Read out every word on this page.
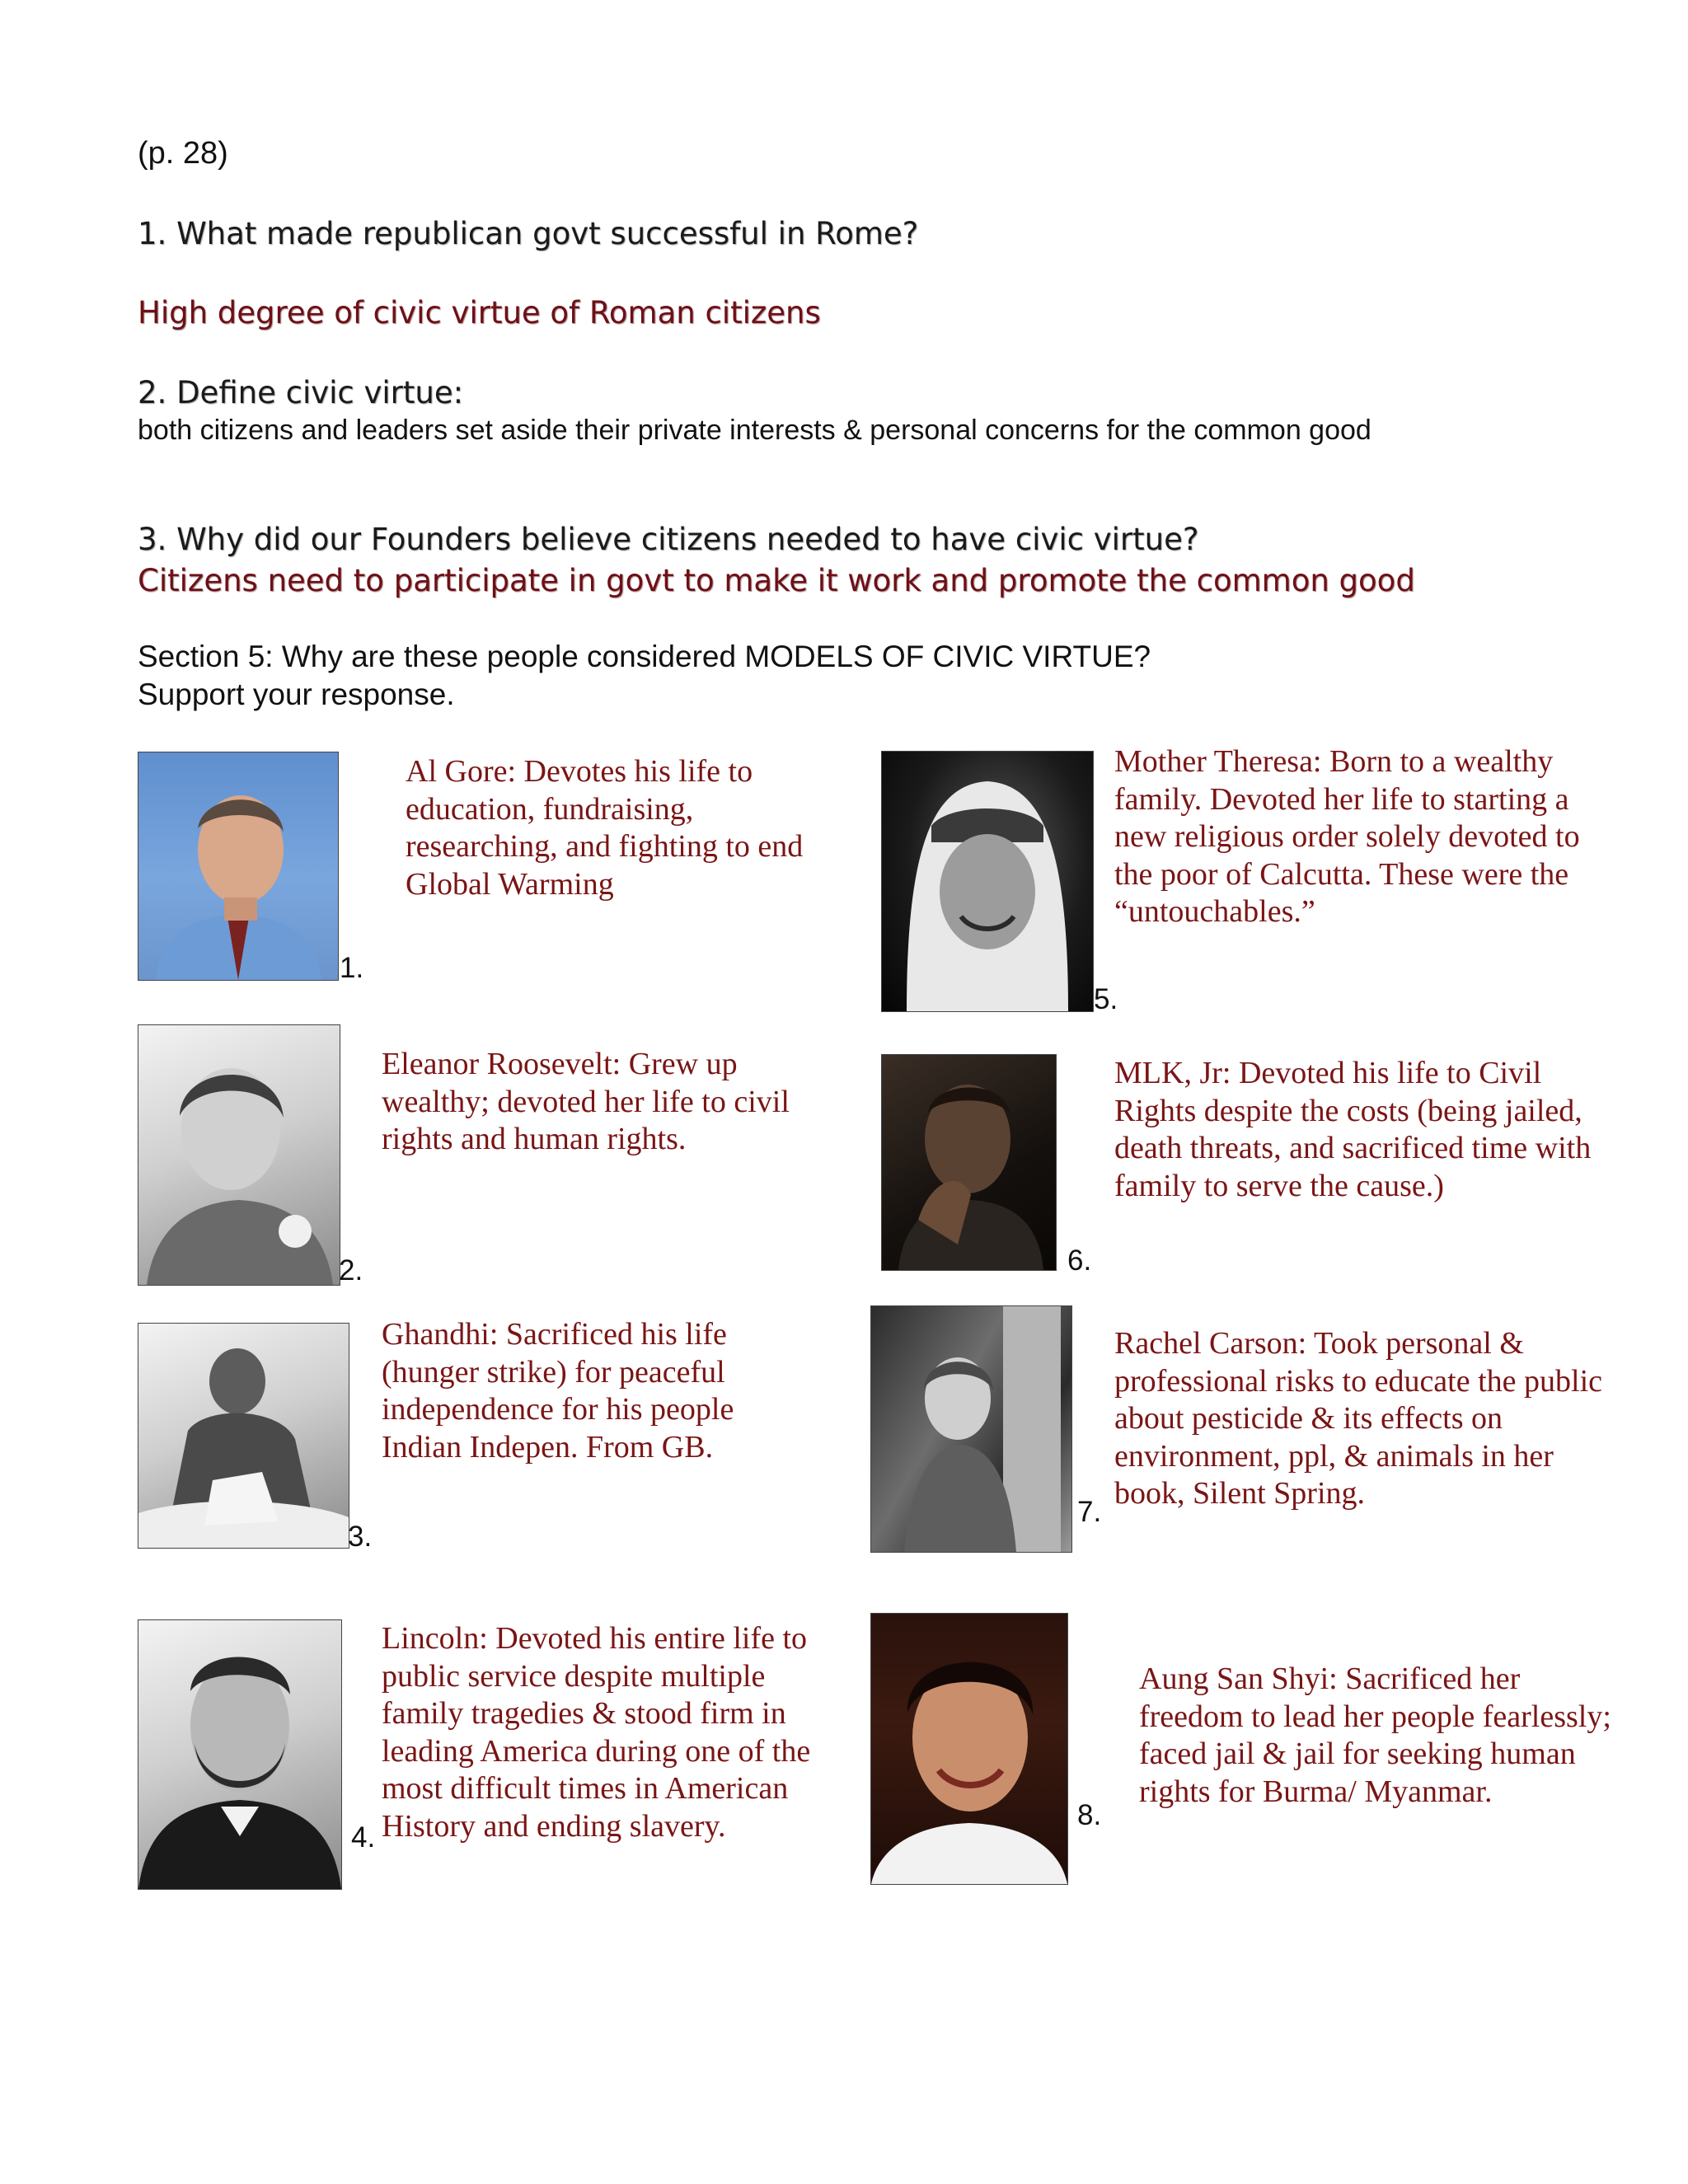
(p. 28)
1. What made republican govt successful in Rome?
High degree of civic virtue of Roman citizens
2. Define civic virtue:
both citizens and leaders set aside their private interests & personal concerns for the common good
3. Why did our Founders believe citizens needed to have civic virtue?
Citizens need to participate in govt to make it work and promote the common good
Section 5: Why are these people considered MODELS OF CIVIC VIRTUE?
Support your response.
1.

Al Gore: Devotes his life to education, fundraising, researching, and fighting to end Global Warming

2.

Eleanor Roosevelt: Grew up wealthy; devoted her life to civil rights and human rights.

3.

Ghandhi: Sacrificed his life (hunger strike) for peaceful independence for his people Indian Indepen. From GB.

4.

Lincoln: Devoted his entire life to public service despite multiple family tragedies & stood firm in leading America during one of the most difficult times in American History and ending slavery.

5.

Mother Theresa: Born to a wealthy family. Devoted her life to starting a new religious order solely devoted to the poor of Calcutta. These were the “untouchables.”

6.

MLK, Jr: Devoted his life to Civil Rights despite the costs (being jailed, death threats, and sacrificed time with family to serve the cause.)

7.

Rachel Carson: Took personal & professional risks to educate the public about pesticide & its effects on environment, ppl, & animals in her book, Silent Spring.

8.

Aung San Shyi: Sacrificed her freedom to lead her people fearlessly; faced jail & jail for seeking human rights for Burma/ Myanmar.
